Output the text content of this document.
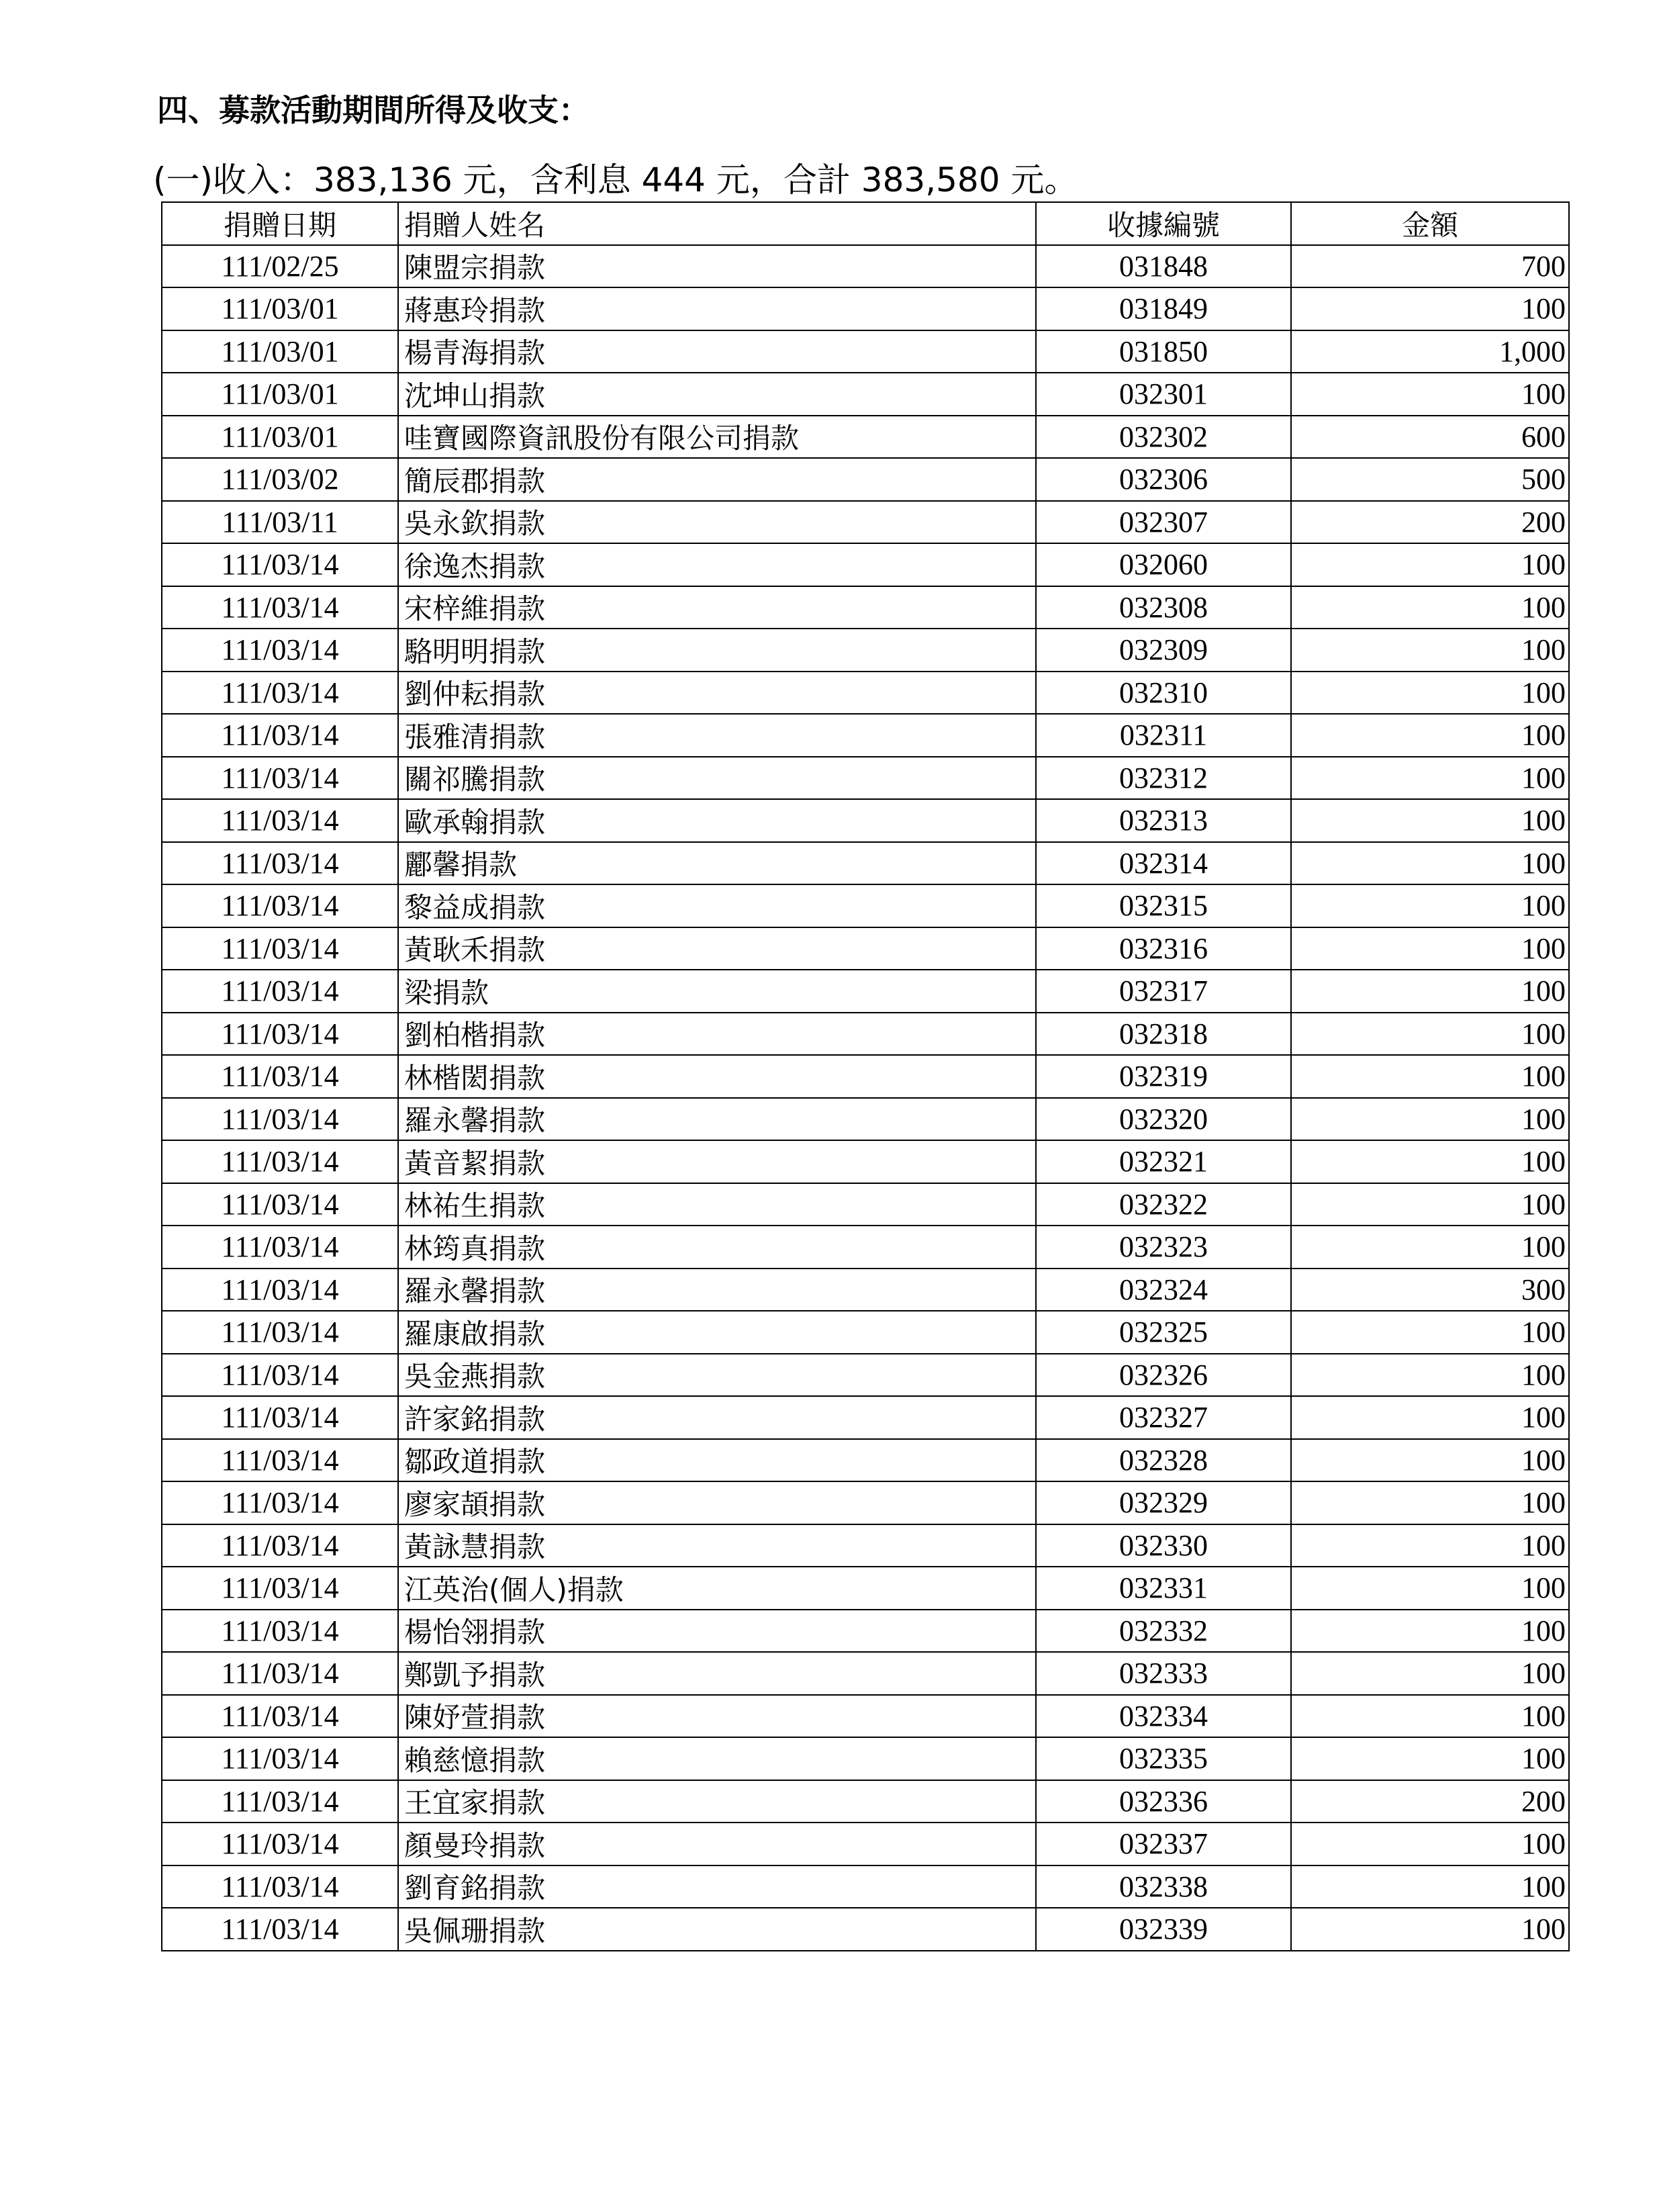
四、募款活動期間所得及收支：
(一)收入：383,136 元，含利息 444 元，合計 383,580 元。
捐贈日期	捐贈人姓名	收據編號	金額
111/02/25	陳盟宗捐款	031848	700
111/03/01	蔣惠玲捐款	031849	100
111/03/01	楊青海捐款	031850	1,000
111/03/01	沈坤山捐款	032301	100
111/03/01	哇寶國際資訊股份有限公司捐款	032302	600
111/03/02	簡辰郡捐款	032306	500
111/03/11	吳永欽捐款	032307	200
111/03/14	徐逸杰捐款	032060	100
111/03/14	宋梓維捐款	032308	100
111/03/14	駱明明捐款	032309	100
111/03/14	劉仲耘捐款	032310	100
111/03/14	張雅清捐款	032311	100
111/03/14	關祁騰捐款	032312	100
111/03/14	歐承翰捐款	032313	100
111/03/14	酈馨捐款	032314	100
111/03/14	黎益成捐款	032315	100
111/03/14	黃耿禾捐款	032316	100
111/03/14	梁捐款	032317	100
111/03/14	劉柏楷捐款	032318	100
111/03/14	林楷閎捐款	032319	100
111/03/14	羅永馨捐款	032320	100
111/03/14	黃音絜捐款	032321	100
111/03/14	林祐生捐款	032322	100
111/03/14	林筠真捐款	032323	100
111/03/14	羅永馨捐款	032324	300
111/03/14	羅康啟捐款	032325	100
111/03/14	吳金燕捐款	032326	100
111/03/14	許家銘捐款	032327	100
111/03/14	鄒政道捐款	032328	100
111/03/14	廖家頡捐款	032329	100
111/03/14	黃詠慧捐款	032330	100
111/03/14	江英治(個人)捐款	032331	100
111/03/14	楊怡翎捐款	032332	100
111/03/14	鄭凱予捐款	032333	100
111/03/14	陳妤萱捐款	032334	100
111/03/14	賴慈憶捐款	032335	100
111/03/14	王宜家捐款	032336	200
111/03/14	顏曼玲捐款	032337	100
111/03/14	劉育銘捐款	032338	100
111/03/14	吳佩珊捐款	032339	100
